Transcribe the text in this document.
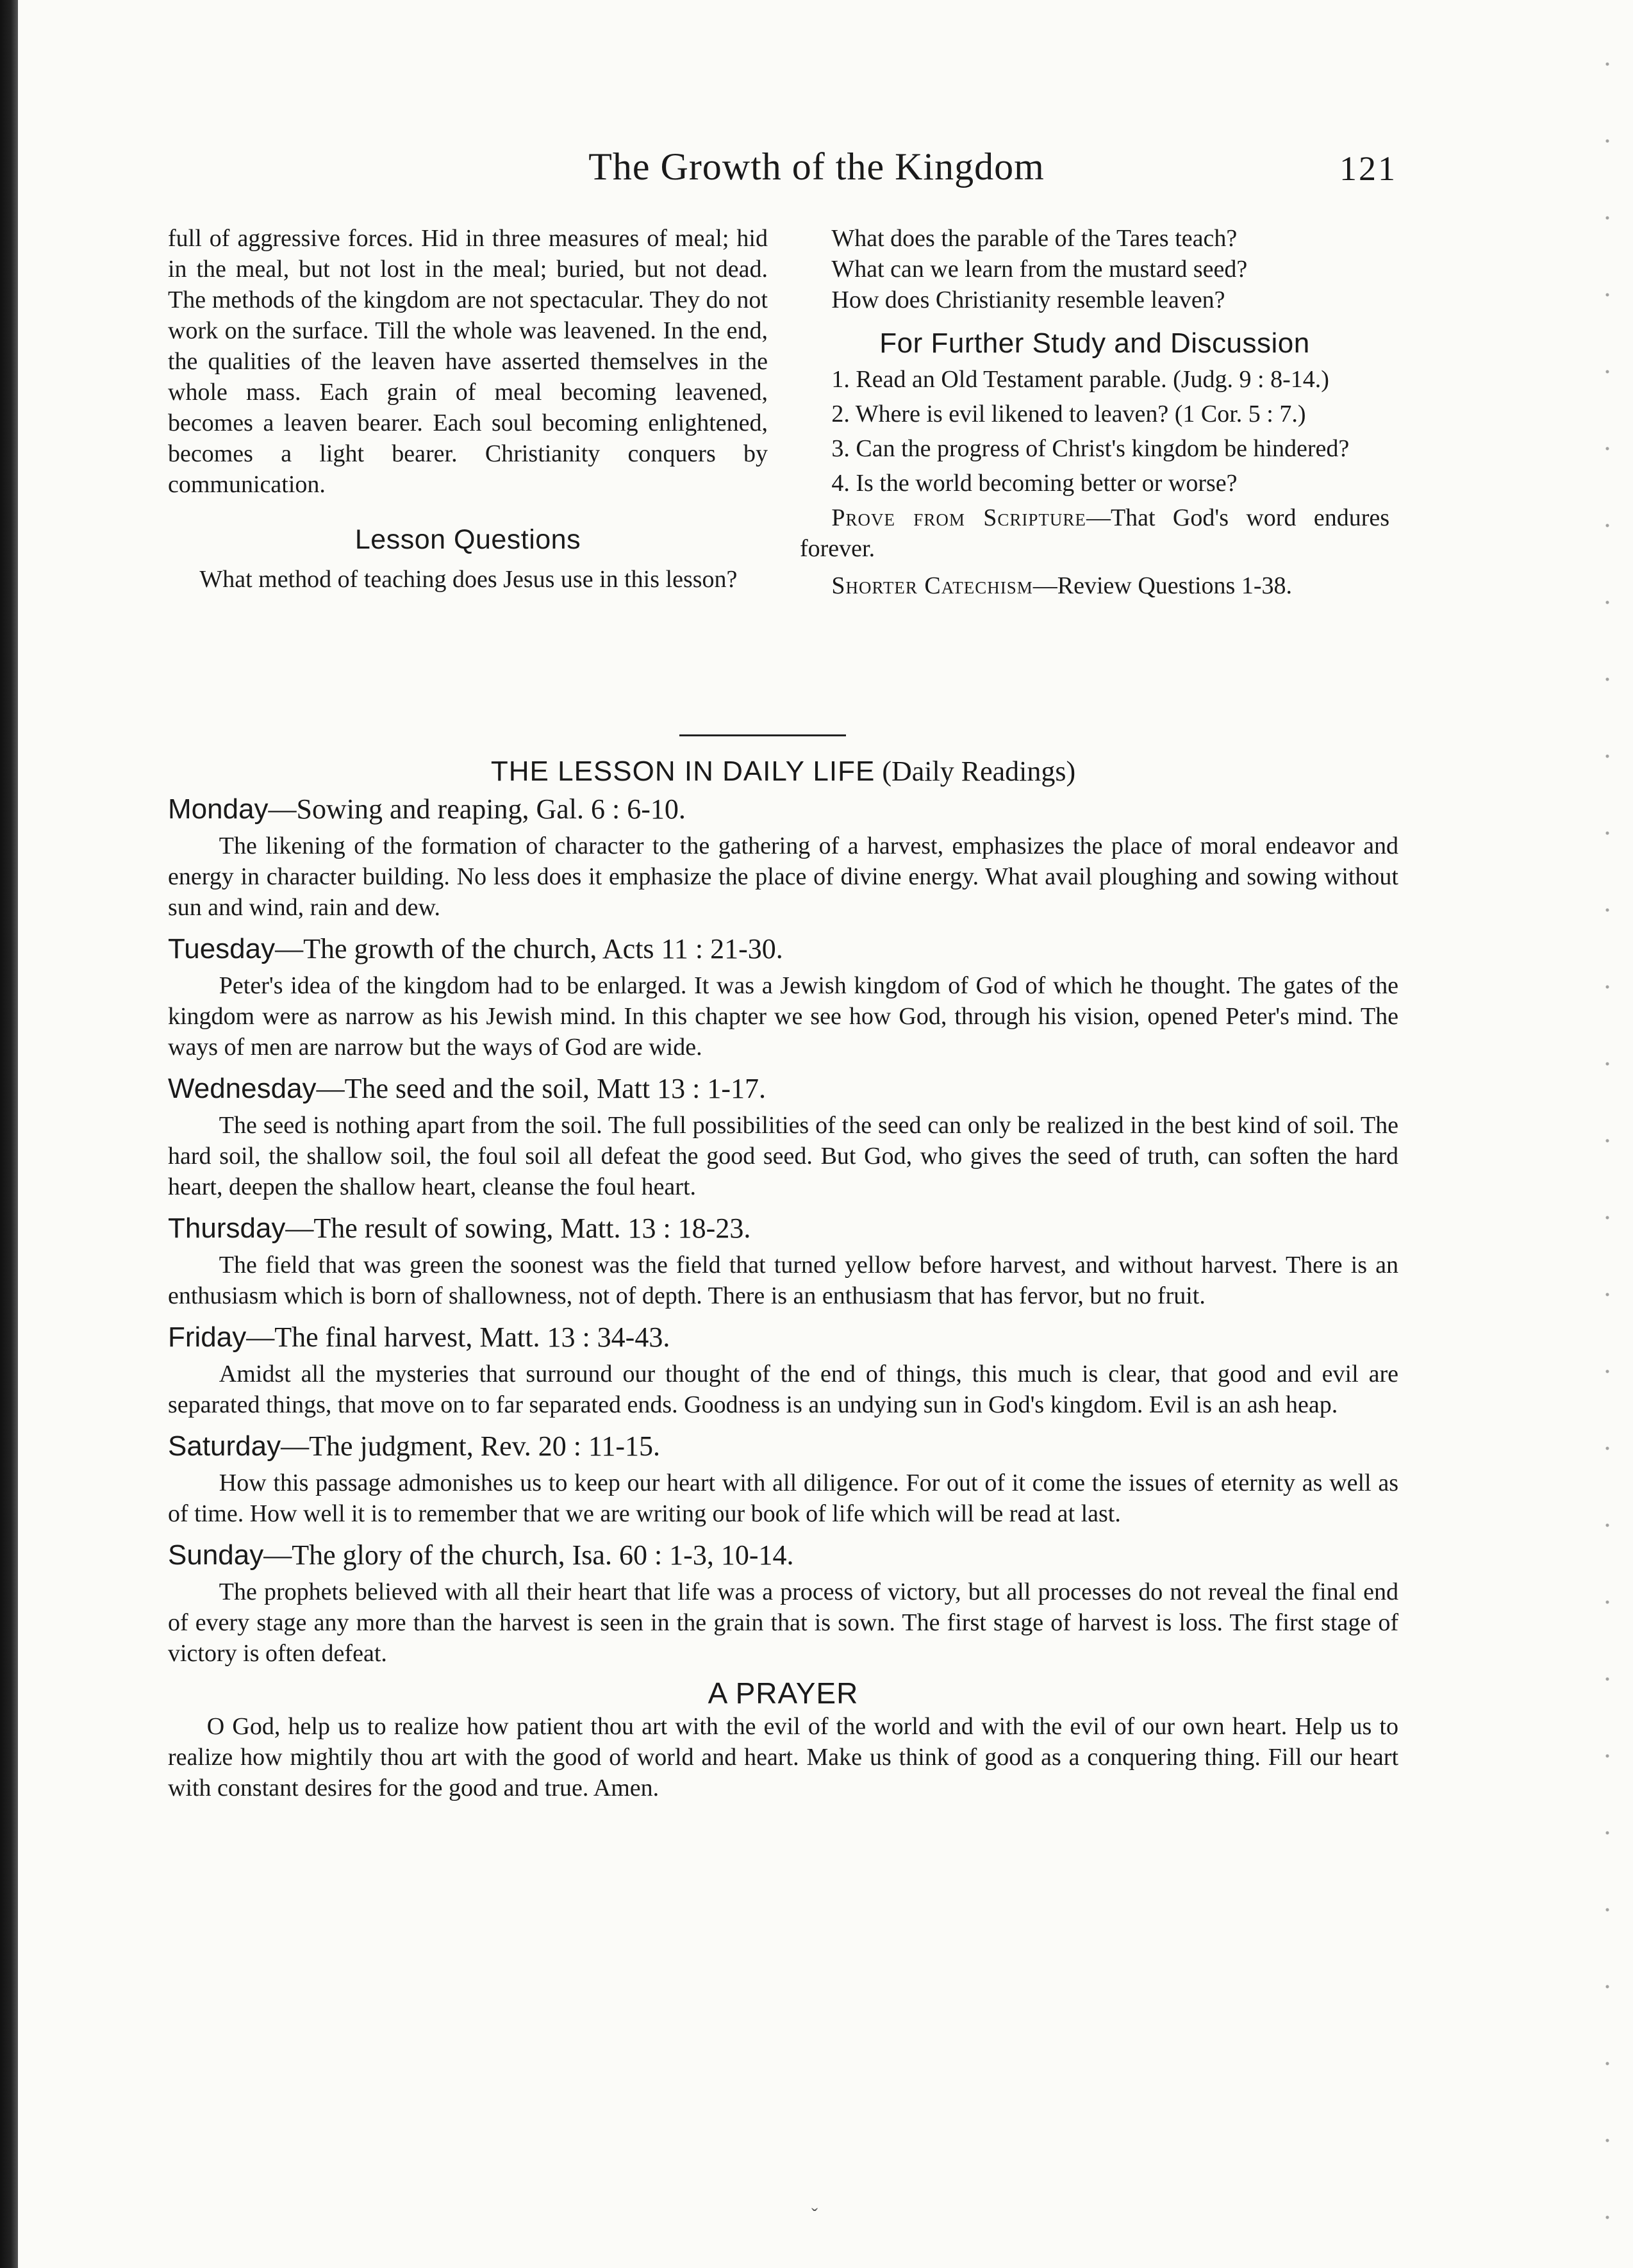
The Growth of the Kingdom	121

full of aggressive forces. Hid in three measures of meal; hid in the meal, but not lost in the meal; buried, but not dead. The methods of the kingdom are not spectacular. They do not work on the surface. Till the whole was leavened. In the end, the qualities of the leaven have asserted themselves in the whole mass. Each grain of meal becoming leavened, becomes a leaven bearer. Each soul becoming enlightened, becomes a light bearer. Christianity conquers by communication.

Lesson Questions

What method of teaching does Jesus use in this lesson?

What does the parable of the Tares teach?

What can we learn from the mustard seed?

How does Christianity resemble leaven?

For Further Study and Discussion

1. Read an Old Testament parable. (Judg. 9 : 8-14.)

2. Where is evil likened to leaven? (1 Cor. 5 : 7.)

3. Can the progress of Christ's kingdom be hindered?

4. Is the world becoming better or worse?

Prove from Scripture—That God's word endures forever.

Shorter Catechism—Review Questions 1-38.

THE LESSON IN DAILY LIFE (Daily Readings)
Monday—Sowing and reaping, Gal. 6 : 6-10.

The likening of the formation of character to the gathering of a harvest, emphasizes the place of moral endeavor and energy in character building. No less does it emphasize the place of divine energy. What avail ploughing and sowing without sun and wind, rain and dew.

Tuesday—The growth of the church, Acts 11 : 21-30.

Peter's idea of the kingdom had to be enlarged. It was a Jewish kingdom of God of which he thought. The gates of the kingdom were as narrow as his Jewish mind. In this chapter we see how God, through his vision, opened Peter's mind. The ways of men are narrow but the ways of God are wide.

Wednesday—The seed and the soil, Matt 13 : 1-17.

The seed is nothing apart from the soil. The full possibilities of the seed can only be realized in the best kind of soil. The hard soil, the shallow soil, the foul soil all defeat the good seed. But God, who gives the seed of truth, can soften the hard heart, deepen the shallow heart, cleanse the foul heart.

Thursday—The result of sowing, Matt. 13 : 18-23.

The field that was green the soonest was the field that turned yellow before harvest, and without harvest. There is an enthusiasm which is born of shallowness, not of depth. There is an enthusiasm that has fervor, but no fruit.

Friday—The final harvest, Matt. 13 : 34-43.

Amidst all the mysteries that surround our thought of the end of things, this much is clear, that good and evil are separated things, that move on to far separated ends. Goodness is an undying sun in God's kingdom. Evil is an ash heap.

Saturday—The judgment, Rev. 20 : 11-15.

How this passage admonishes us to keep our heart with all diligence. For out of it come the issues of eternity as well as of time. How well it is to remember that we are writing our book of life which will be read at last.

Sunday—The glory of the church, Isa. 60 : 1-3, 10-14.

The prophets believed with all their heart that life was a process of victory, but all processes do not reveal the final end of every stage any more than the harvest is seen in the grain that is sown. The first stage of harvest is loss. The first stage of victory is often defeat.

A PRAYER

O God, help us to realize how patient thou art with the evil of the world and with the evil of our own heart. Help us to realize how mightily thou art with the good of world and heart. Make us think of good as a conquering thing. Fill our heart with constant desires for the good and true. Amen.

ˇ
